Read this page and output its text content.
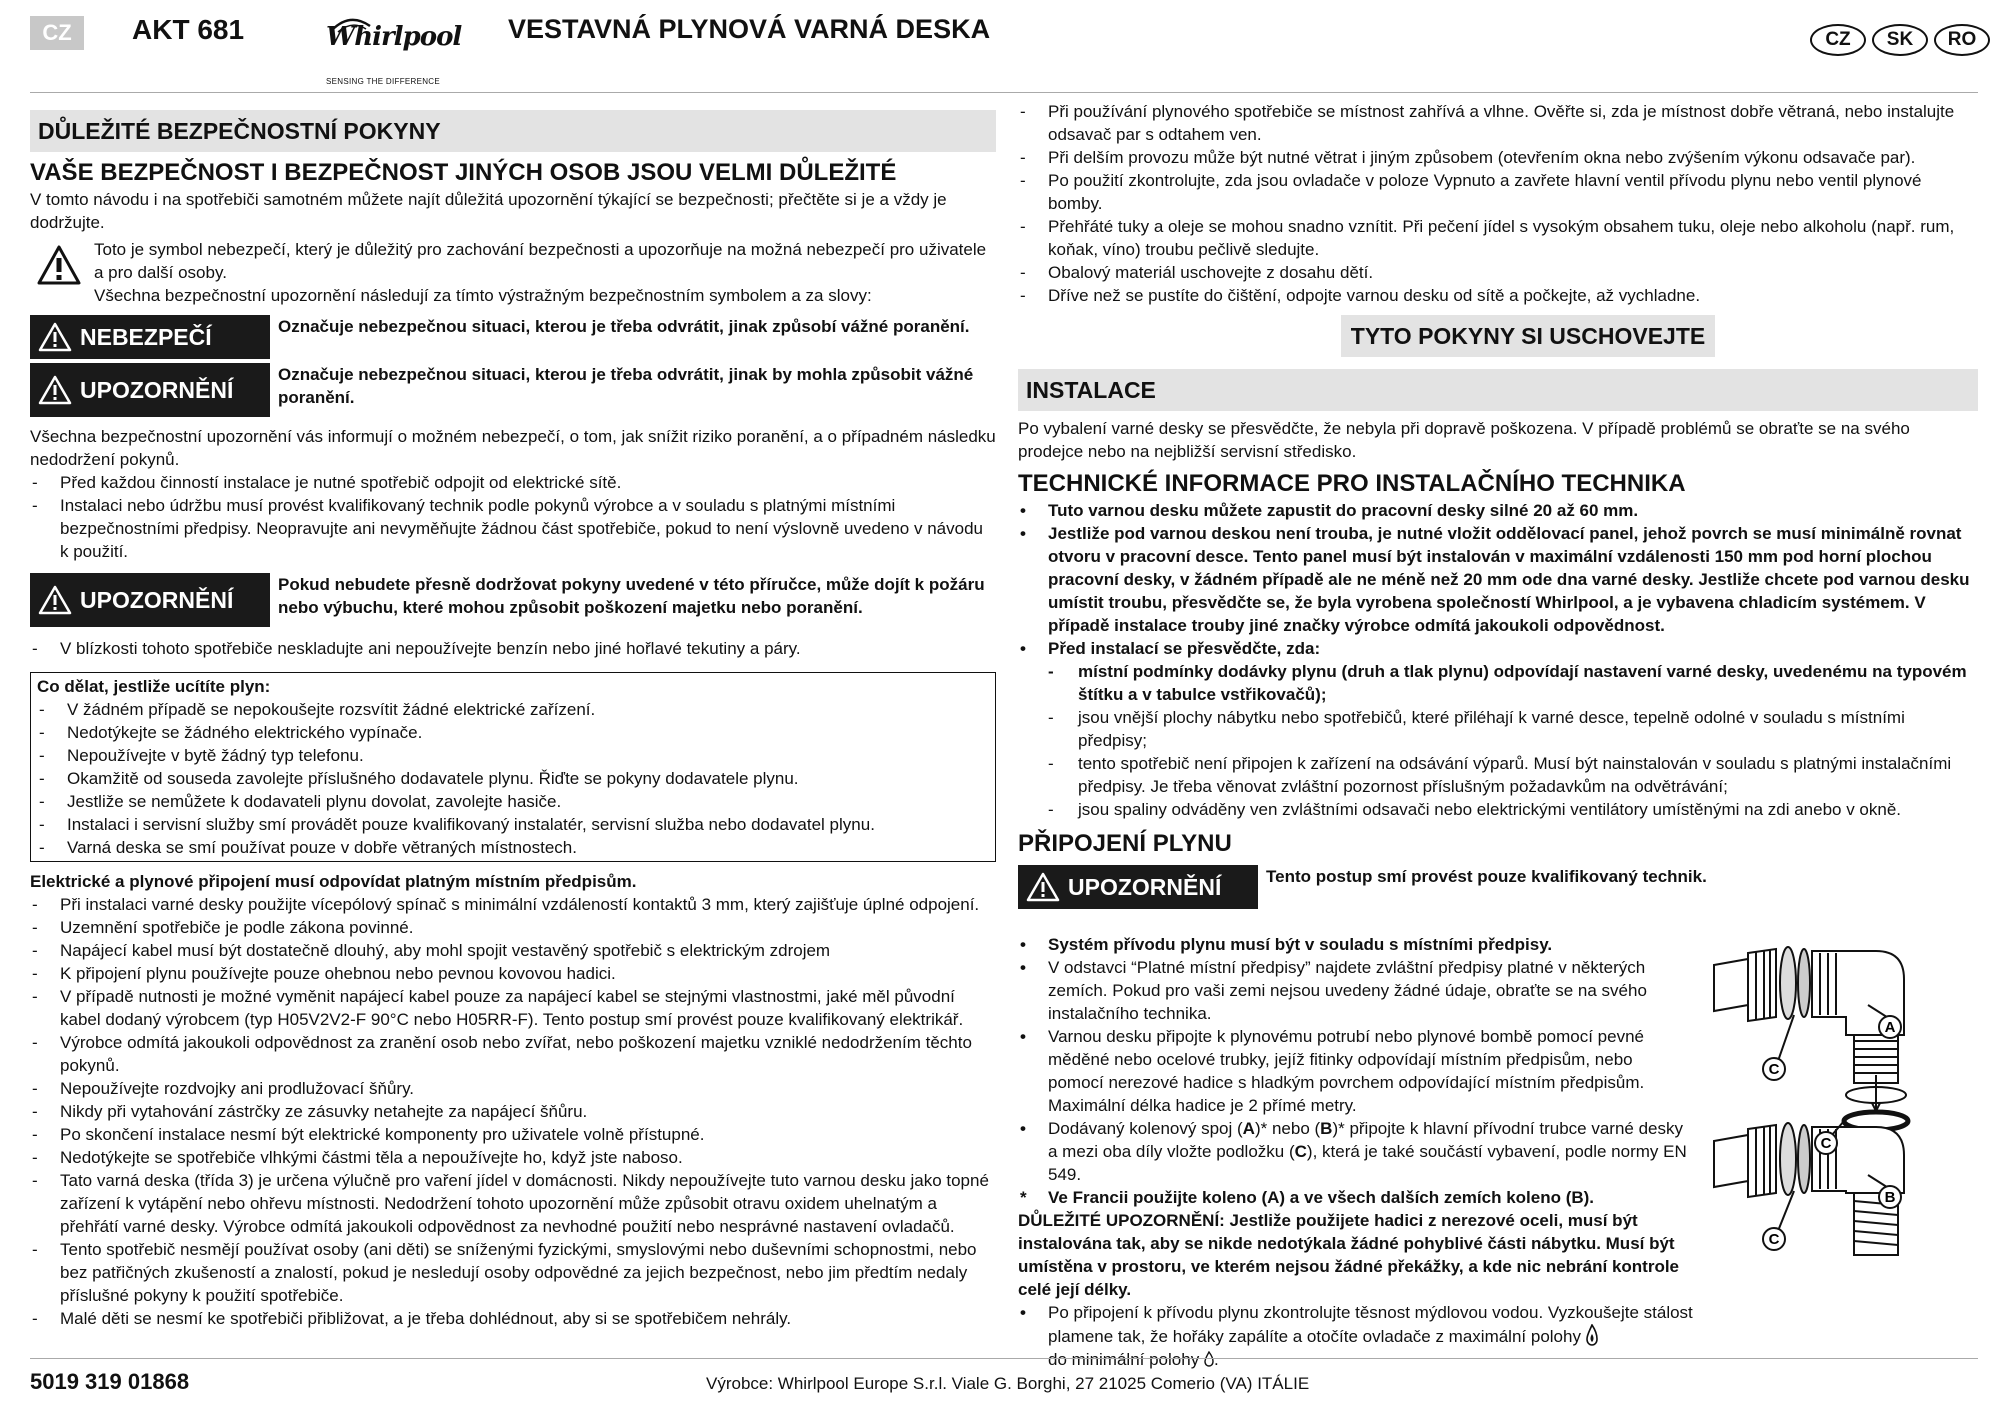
CZ	AKT 681	Whirlpool
SENSING THE DIFFERENCE
VESTAVNÁ PLYNOVÁ VARNÁ DESKA	CZ	SK	RO
DŮLEŽITÉ BEZPEČNOSTNÍ POKYNY
VAŠE BEZPEČNOST I BEZPEČNOST JINÝCH OSOB JSOU VELMI DŮLEŽITÉ

V tomto návodu i na spotřebiči samotném můžete najít důležitá upozornění týkající se bezpečnosti; přečtěte si je a vždy je dodržujte.

Toto je symbol nebezpečí, který je důležitý pro zachování bezpečnosti a upozorňuje na možná nebezpečí pro uživatele a pro další osoby.

Všechna bezpečnostní upozornění následují za tímto výstražným bezpečnostním symbolem a za slovy:

NEBEZPEČÍ	Označuje nebezpečnou situaci, kterou je třeba odvrátit, jinak způsobí vážné poranění.
UPOZORNĚNÍ
Označuje nebezpečnou situaci, kterou je třeba odvrátit, jinak by mohla způsobit vážné poranění.

Všechna bezpečnostní upozornění vás informují o možném nebezpečí, o tom, jak snížit riziko poranění, a o případném následku nedodržení pokynů.

- Před každou činností instalace je nutné spotřebič odpojit od elektrické sítě.
- Instalaci nebo údržbu musí provést kvalifikovaný technik podle pokynů výrobce a v souladu s platnými místními bezpečnostními předpisy. Neopravujte ani nevyměňujte žádnou část spotřebiče, pokud to není výslovně uvedeno v návodu k použití.
UPOZORNĚNÍ
Pokud nebudete přesně dodržovat pokyny uvedené v této příručce, může dojít k požáru nebo výbuchu, které mohou způsobit poškození majetku nebo poranění.
- V blízkosti tohoto spotřebiče neskladujte ani nepoužívejte benzín nebo jiné hořlavé tekutiny a páry.

Co dělat, jestliže ucítíte plyn:

- V žádném případě se nepokoušejte rozsvítit žádné elektrické zařízení.
- Nedotýkejte se žádného elektrického vypínače.
- Nepoužívejte v bytě žádný typ telefonu.
- Okamžitě od souseda zavolejte příslušného dodavatele plynu. Řiďte se pokyny dodavatele plynu.
- Jestliže se nemůžete k dodavateli plynu dovolat, zavolejte hasiče.
- Instalaci i servisní služby smí provádět pouze kvalifikovaný instalatér, servisní služba nebo dodavatel plynu.
- Varná deska se smí používat pouze v dobře větraných místnostech.

Elektrické a plynové připojení musí odpovídat platným místním předpisům.

- Při instalaci varné desky použijte vícepólový spínač s minimální vzdáleností kontaktů 3 mm, který zajišťuje úplné odpojení.
- Uzemnění spotřebiče je podle zákona povinné.
- Napájecí kabel musí být dostatečně dlouhý, aby mohl spojit vestavěný spotřebič s elektrickým zdrojem
- K připojení plynu používejte pouze ohebnou nebo pevnou kovovou hadici.
- V případě nutnosti je možné vyměnit napájecí kabel pouze za napájecí kabel se stejnými vlastnostmi, jaké měl původní kabel dodaný výrobcem (typ H05V2V2-F 90°C nebo H05RR-F). Tento postup smí provést pouze kvalifikovaný elektrikář.
- Výrobce odmítá jakoukoli odpovědnost za zranění osob nebo zvířat, nebo poškození majetku vzniklé nedodržením těchto pokynů.
- Nepoužívejte rozdvojky ani prodlužovací šňůry.
- Nikdy při vytahování zástrčky ze zásuvky netahejte za napájecí šňůru.
- Po skončení instalace nesmí být elektrické komponenty pro uživatele volně přístupné.
- Nedotýkejte se spotřebiče vlhkými částmi těla a nepoužívejte ho, když jste naboso.
- Tato varná deska (třída 3) je určena výlučně pro vaření jídel v domácnosti. Nikdy nepoužívejte tuto varnou desku jako topné zařízení k vytápění nebo ohřevu místnosti. Nedodržení tohoto upozornění může způsobit otravu oxidem uhelnatým a přehřátí varné desky. Výrobce odmítá jakoukoli odpovědnost za nevhodné použití nebo nesprávné nastavení ovladačů.
- Tento spotřebič nesmějí používat osoby (ani děti) se sníženými fyzickými, smyslovými nebo duševními schopnostmi, nebo bez patřičných zkušeností a znalostí, pokud je nesledují osoby odpovědné za jejich bezpečnost, nebo jim předtím nedaly příslušné pokyny k použití spotřebiče.
- Malé děti se nesmí ke spotřebiči přibližovat, a je třeba dohlédnout, aby si se spotřebičem nehrály.
- Při používání plynového spotřebiče se místnost zahřívá a vlhne. Ověřte si, zda je místnost dobře větraná, nebo instalujte odsavač par s odtahem ven.
- Při delším provozu může být nutné větrat i jiným způsobem (otevřením okna nebo zvýšením výkonu odsavače par).
- Po použití zkontrolujte, zda jsou ovladače v poloze Vypnuto a zavřete hlavní ventil přívodu plynu nebo ventil plynové bomby.
- Přehřáté tuky a oleje se mohou snadno vznítit. Při pečení jídel s vysokým obsahem tuku, oleje nebo alkoholu (např. rum, koňak, víno) troubu pečlivě sledujte.
- Obalový materiál uschovejte z dosahu dětí.
- Dříve než se pustíte do čištění, odpojte varnou desku od sítě a počkejte, až vychladne.
TYTO POKYNY SI USCHOVEJTE
INSTALACE

Po vybalení varné desky se přesvědčte, že nebyla při dopravě poškozena. V případě problémů se obraťte se na svého prodejce nebo na nejbližší servisní středisko.

TECHNICKÉ INFORMACE PRO INSTALAČNÍHO TECHNIKA
• Tuto varnou desku můžete zapustit do pracovní desky silné 20 až 60 mm.
• Jestliže pod varnou deskou není trouba, je nutné vložit oddělovací panel, jehož povrch se musí minimálně rovnat otvoru v pracovní desce. Tento panel musí být instalován v maximální vzdálenosti 150 mm pod horní plochou pracovní desky, v žádném případě ale ne méně než 20 mm ode dna varné desky. Jestliže chcete pod varnou desku umístit troubu, přesvědčte se, že byla vyrobena společností Whirlpool, a je vybavena chladicím systémem. V případě instalace trouby jiné značky výrobce odmítá jakoukoli odpovědnost.
• Před instalací se přesvědčte, zda:
- místní podmínky dodávky plynu (druh a tlak plynu) odpovídají nastavení varné desky, uvedenému na typovém štítku a v tabulce vstřikovačů);
- jsou vnější plochy nábytku nebo spotřebičů, které přiléhají k varné desce, tepelně odolné v souladu s místními předpisy;
- tento spotřebič není připojen k zařízení na odsávání výparů. Musí být nainstalován v souladu s platnými instalačními předpisy. Je třeba věnovat zvláštní pozornost příslušným požadavkům na odvětrávání;
- jsou spaliny odváděny ven zvláštními odsavači nebo elektrickými ventilátory umístěnými na zdi anebo v okně.
PŘIPOJENÍ PLYNU
UPOZORNĚNÍ	Tento postup smí provést pouze kvalifikovaný technik.
• Systém přívodu plynu musí být v souladu s místními předpisy.
• V odstavci “Platné místní předpisy” najdete zvláštní předpisy platné v některých zemích. Pokud pro vaši zemi nejsou uvedeny žádné údaje, obraťte se na svého instalačního technika.
• Varnou desku připojte k plynovému potrubí nebo plynové bombě pomocí pevné měděné nebo ocelové trubky, jejíž fitinky odpovídají místním předpisům, nebo pomocí nerezové hadice s hladkým povrchem odpovídající místním předpisům. Maximální délka hadice je 2 přímé metry.
• Dodávaný kolenový spoj (A)* nebo (B)* připojte k hlavní přívodní trubce varné desky a mezi oba díly vložte podložku (C), která je také součástí vybavení, podle normy EN 549.

* Ve Francii použijte koleno (A) a ve všech dalších zemích koleno (B).

DŮLEŽITÉ UPOZORNĚNÍ: Jestliže použijete hadici z nerezové oceli, musí být instalována tak, aby se nikde nedotýkala žádné pohyblivé části nábytku. Musí být umístěna v prostoru, ve kterém nejsou žádné překážky, a kde nic nebrání kontrole celé její délky.

A
C
C
B
C
• Po připojení k přívodu plynu zkontrolujte těsnost mýdlovou vodou. Vyzkoušejte stálost plamene tak, že hořáky zapálíte a otočíte ovladače z maximální polohy
do minimální polohy .
5019 319 01868	Výrobce: Whirlpool Europe S.r.l. Viale G. Borghi, 27 21025 Comerio (VA) ITÁLIE
